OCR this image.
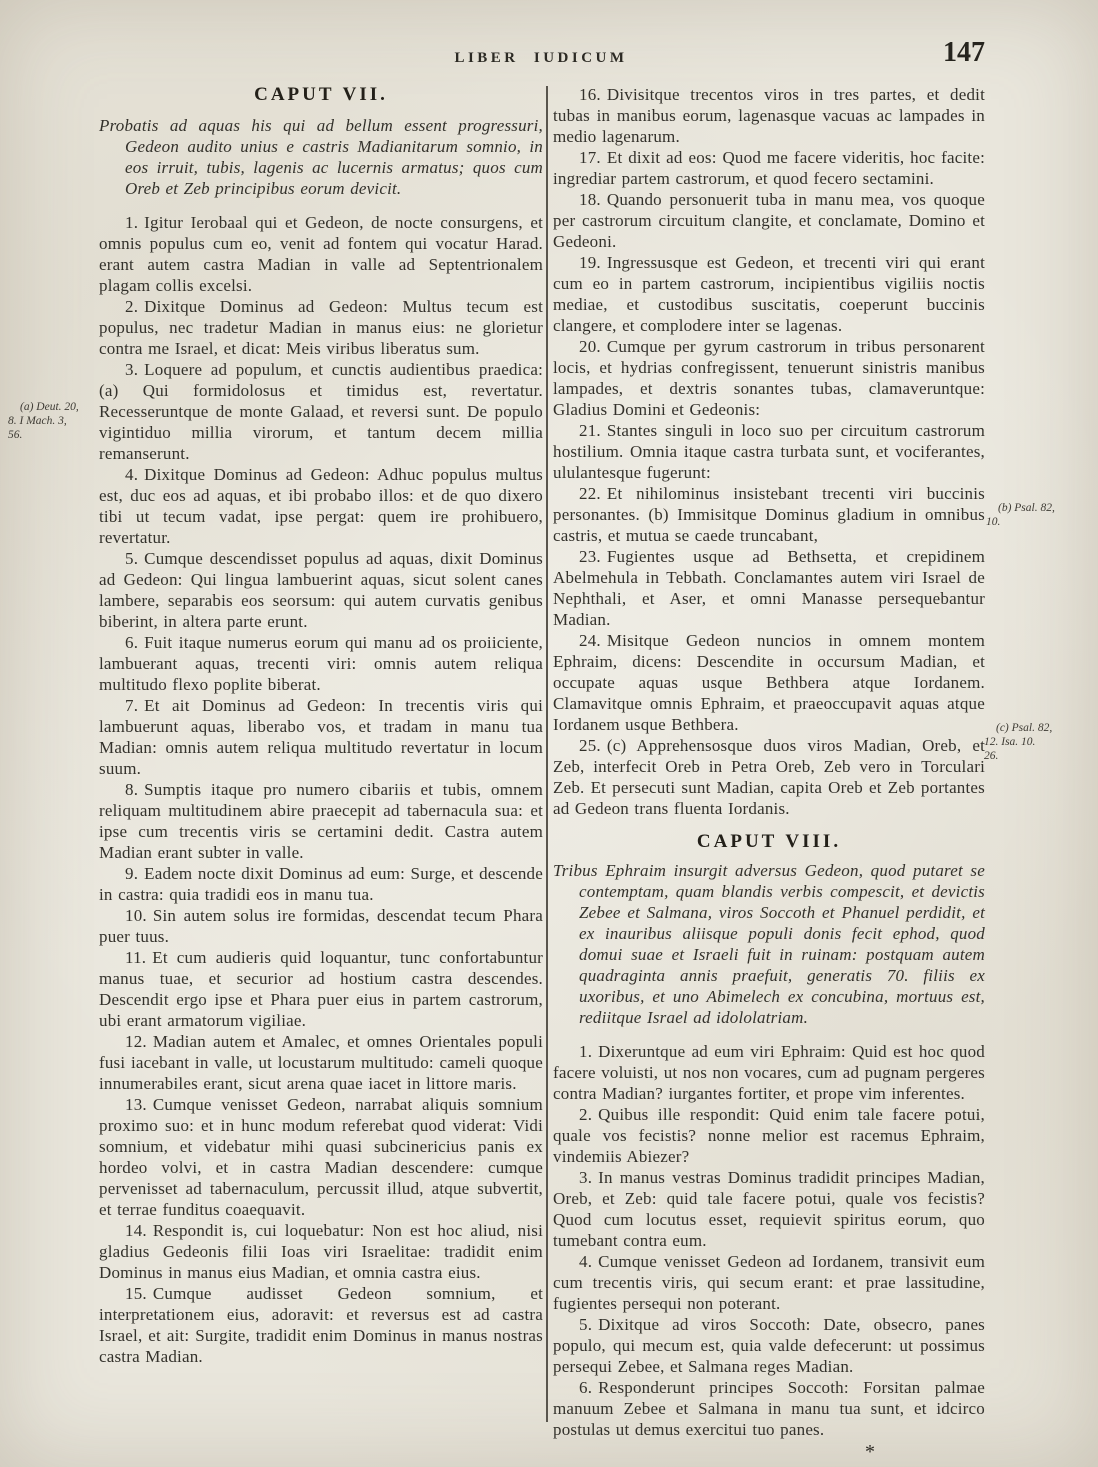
LIBER IUDICUM	147
(a) Deut. 20,
8. I Mach. 3,
56.
(b) Psal. 82,
10.
(c) Psal. 82,
12. Isa. 10.
26.
CAPUT VII.

Probatis ad aquas his qui ad bellum essent progressuri, Gedeon audito unius e castris Madianitarum somnio, in eos irruit, tubis, lagenis ac lucernis armatus; quos cum Oreb et Zeb principibus eorum devicit.

1. Igitur Ierobaal qui et Gedeon, de nocte consurgens, et omnis populus cum eo, venit ad fontem qui vocatur Harad. erant autem castra Madian in valle ad Septentrionalem plagam collis excelsi.

2. Dixitque Dominus ad Gedeon: Multus tecum est populus, nec tradetur Madian in manus eius: ne glorietur contra me Israel, et dicat: Meis viribus liberatus sum.

3. Loquere ad populum, et cunctis audientibus praedica: (a) Qui formidolosus et timidus est, revertatur. Recesseruntque de monte Galaad, et reversi sunt. De populo vigintiduo millia virorum, et tantum decem millia remanserunt.

4. Dixitque Dominus ad Gedeon: Adhuc populus multus est, duc eos ad aquas, et ibi probabo illos: et de quo dixero tibi ut tecum vadat, ipse pergat: quem ire prohibuero, revertatur.

5. Cumque descendisset populus ad aquas, dixit Dominus ad Gedeon: Qui lingua lambuerint aquas, sicut solent canes lambere, separabis eos seorsum: qui autem curvatis genibus biberint, in altera parte erunt.

6. Fuit itaque numerus eorum qui manu ad os proiiciente, lambuerant aquas, trecenti viri: omnis autem reliqua multitudo flexo poplite biberat.

7. Et ait Dominus ad Gedeon: In trecentis viris qui lambuerunt aquas, liberabo vos, et tradam in manu tua Madian: omnis autem reliqua multitudo revertatur in locum suum.

8. Sumptis itaque pro numero cibariis et tubis, omnem reliquam multitudinem abire praecepit ad tabernacula sua: et ipse cum trecentis viris se certamini dedit. Castra autem Madian erant subter in valle.

9. Eadem nocte dixit Dominus ad eum: Surge, et descende in castra: quia tradidi eos in manu tua.

10. Sin autem solus ire formidas, descendat tecum Phara puer tuus.

11. Et cum audieris quid loquantur, tunc confortabuntur manus tuae, et securior ad hostium castra descendes. Descendit ergo ipse et Phara puer eius in partem castrorum, ubi erant armatorum vigiliae.

12. Madian autem et Amalec, et omnes Orientales populi fusi iacebant in valle, ut locustarum multitudo: cameli quoque innumerabiles erant, sicut arena quae iacet in littore maris.

13. Cumque venisset Gedeon, narrabat aliquis somnium proximo suo: et in hunc modum referebat quod viderat: Vidi somnium, et videbatur mihi quasi subcinericius panis ex hordeo volvi, et in castra Madian descendere: cumque pervenisset ad tabernaculum, percussit illud, atque subvertit, et terrae funditus coaequavit.

14. Respondit is, cui loquebatur: Non est hoc aliud, nisi gladius Gedeonis filii Ioas viri Israelitae: tradidit enim Dominus in manus eius Madian, et omnia castra eius.

15. Cumque audisset Gedeon somnium, et interpretationem eius, adoravit: et reversus est ad castra Israel, et ait: Surgite, tradidit enim Dominus in manus nostras castra Madian.

16. Divisitque trecentos viros in tres partes, et dedit tubas in manibus eorum, lagenasque vacuas ac lampades in medio lagenarum.

17. Et dixit ad eos: Quod me facere videritis, hoc facite: ingrediar partem castrorum, et quod fecero sectamini.

18. Quando personuerit tuba in manu mea, vos quoque per castrorum circuitum clangite, et conclamate, Domino et Gedeoni.

19. Ingressusque est Gedeon, et trecenti viri qui erant cum eo in partem castrorum, incipientibus vigiliis noctis mediae, et custodibus suscitatis, coeperunt buccinis clangere, et complodere inter se lagenas.

20. Cumque per gyrum castrorum in tribus personarent locis, et hydrias confregissent, tenuerunt sinistris manibus lampades, et dextris sonantes tubas, clamaveruntque: Gladius Domini et Gedeonis:

21. Stantes singuli in loco suo per circuitum castrorum hostilium. Omnia itaque castra turbata sunt, et vociferantes, ululantesque fugerunt:

22. Et nihilominus insistebant trecenti viri buccinis personantes. (b) Immisitque Dominus gladium in omnibus castris, et mutua se caede truncabant,

23. Fugientes usque ad Bethsetta, et crepidinem Abelmehula in Tebbath. Conclamantes autem viri Israel de Nephthali, et Aser, et omni Manasse persequebantur Madian.

24. Misitque Gedeon nuncios in omnem montem Ephraim, dicens: Descendite in occursum Madian, et occupate aquas usque Bethbera atque Iordanem. Clamavitque omnis Ephraim, et praeoccupavit aquas atque Iordanem usque Bethbera.

25. (c) Apprehensosque duos viros Madian, Oreb, et Zeb, interfecit Oreb in Petra Oreb, Zeb vero in Torculari Zeb. Et persecuti sunt Madian, capita Oreb et Zeb portantes ad Gedeon trans fluenta Iordanis.

CAPUT VIII.

Tribus Ephraim insurgit adversus Gedeon, quod putaret se contemptam, quam blandis verbis compescit, et devictis Zebee et Salmana, viros Soccoth et Phanuel perdidit, et ex inauribus aliisque populi donis fecit ephod, quod domui suae et Israeli fuit in ruinam: postquam autem quadraginta annis praefuit, generatis 70. filiis ex uxoribus, et uno Abimelech ex concubina, mortuus est, rediitque Israel ad idololatriam.

1. Dixeruntque ad eum viri Ephraim: Quid est hoc quod facere voluisti, ut nos non vocares, cum ad pugnam pergeres contra Madian? iurgantes fortiter, et prope vim inferentes.

2. Quibus ille respondit: Quid enim tale facere potui, quale vos fecistis? nonne melior est racemus Ephraim, vindemiis Abiezer?

3. In manus vestras Dominus tradidit principes Madian, Oreb, et Zeb: quid tale facere potui, quale vos fecistis? Quod cum locutus esset, requievit spiritus eorum, quo tumebant contra eum.

4. Cumque venisset Gedeon ad Iordanem, transivit eum cum trecentis viris, qui secum erant: et prae lassitudine, fugientes persequi non poterant.

5. Dixitque ad viros Soccoth: Date, obsecro, panes populo, qui mecum est, quia valde defecerunt: ut possimus persequi Zebee, et Salmana reges Madian.

6. Responderunt principes Soccoth: Forsitan palmae manuum Zebee et Salmana in manu tua sunt, et idcirco postulas ut demus exercitui tuo panes.

*
